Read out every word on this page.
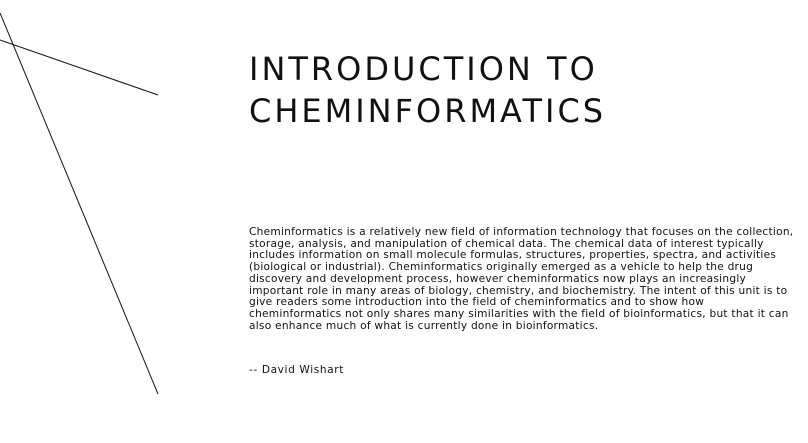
INTRODUCTION TO
CHEMINFORMATICS

Cheminformatics is a relatively new field of information technology that focuses on the collection, storage, analysis, and manipulation of chemical data. The chemical data of interest typically includes information on small molecule formulas, structures, properties, spectra, and activities (biological or industrial). Cheminformatics originally emerged as a vehicle to help the drug discovery and development process, however cheminformatics now plays an increasingly important role in many areas of biology, chemistry, and biochemistry. The intent of this unit is to give readers some introduction into the field of cheminformatics and to show how cheminformatics not only shares many similarities with the field of bioinformatics, but that it can also enhance much of what is currently done in bioinformatics.

-- David Wishart
